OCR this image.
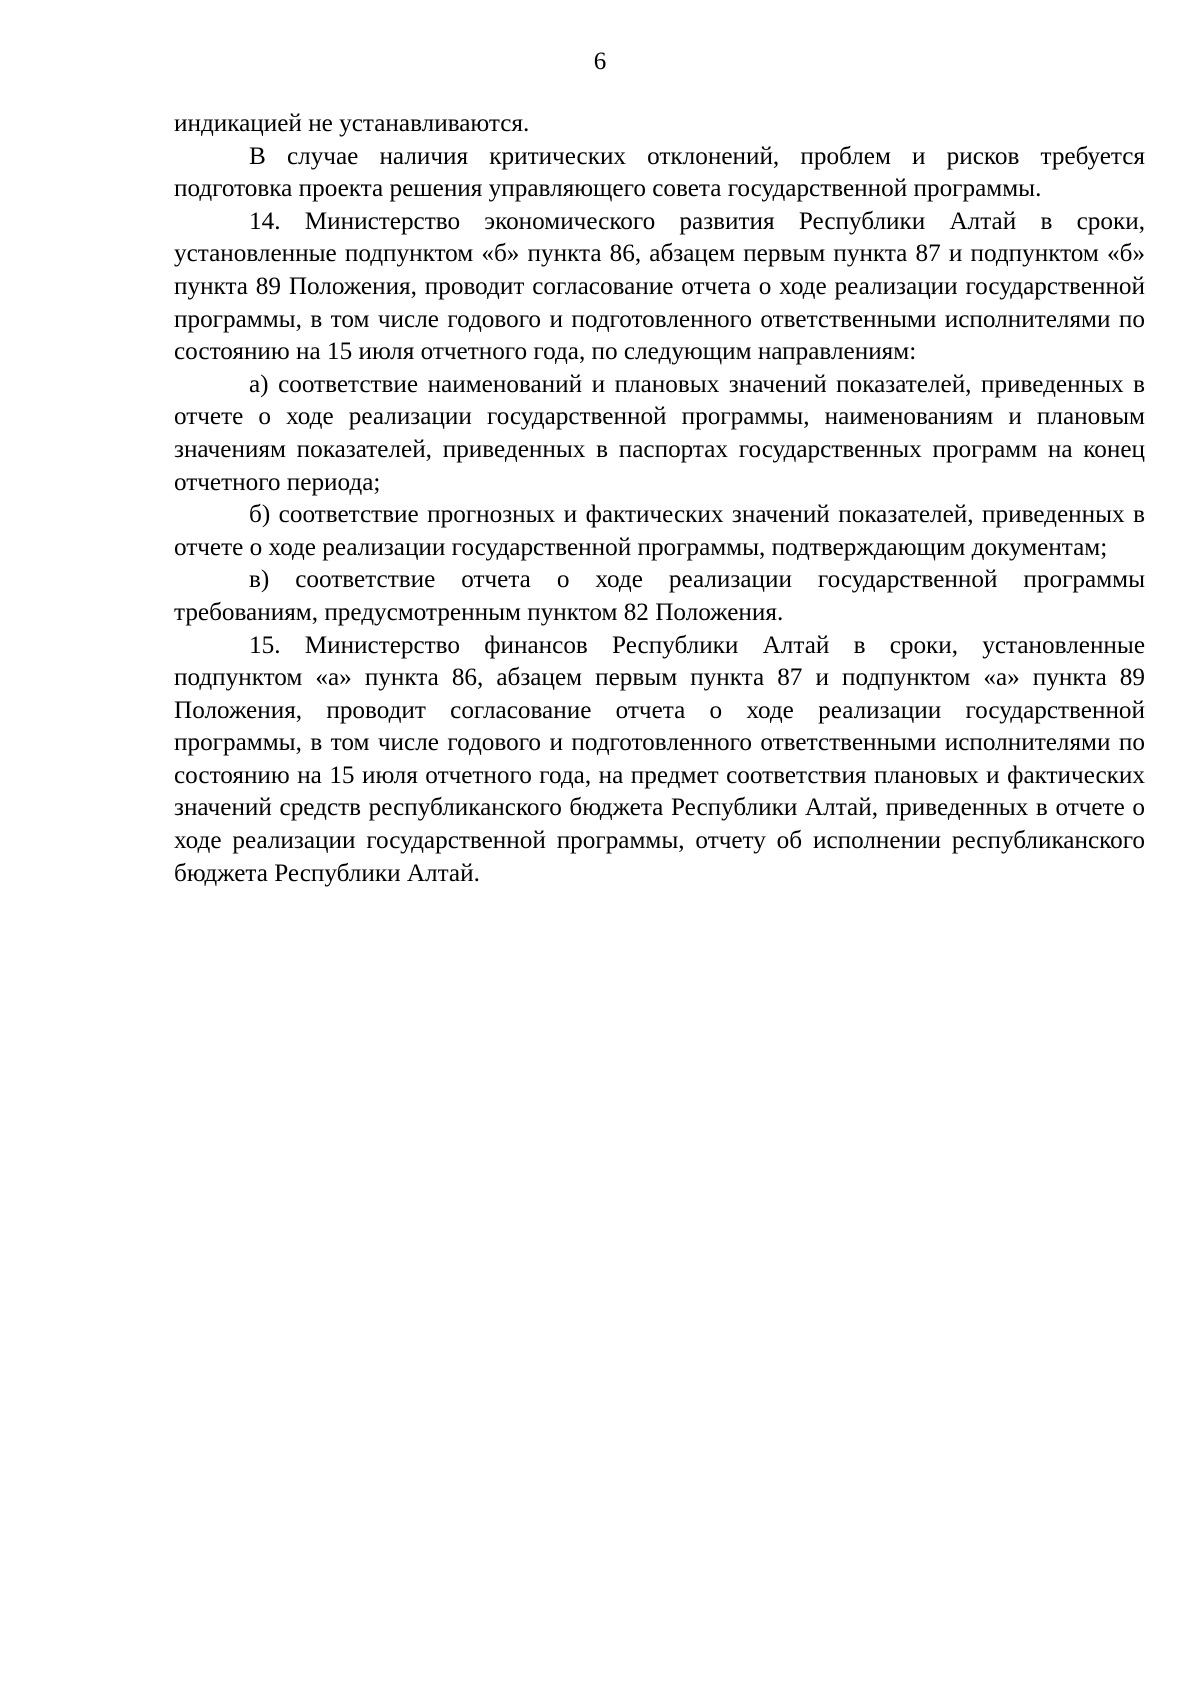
6

индикацией не устанавливаются.

В случае наличия критических отклонений, проблем и рисков требуется подготовка проекта решения управляющего совета государственной программы.

14. Министерство экономического развития Республики Алтай в сроки, установленные подпунктом «б» пункта 86, абзацем первым пункта 87 и подпунктом «б» пункта 89 Положения, проводит согласование отчета о ходе реализации государственной программы, в том числе годового и подготовленного ответственными исполнителями по состоянию на 15 июля отчетного года, по следующим направлениям:

а) соответствие наименований и плановых значений показателей, приведенных в отчете о ходе реализации государственной программы, наименованиям и плановым значениям показателей, приведенных в паспортах государственных программ на конец отчетного периода;

б) соответствие прогнозных и фактических значений показателей, приведенных в отчете о ходе реализации государственной программы, подтверждающим документам;

в) соответствие отчета о ходе реализации государственной программы требованиям, предусмотренным пунктом 82 Положения.

15. Министерство финансов Республики Алтай в сроки, установленные подпунктом «а» пункта 86, абзацем первым пункта 87 и подпунктом «а» пункта 89 Положения, проводит согласование отчета о ходе реализации государственной программы, в том числе годового и подготовленного ответственными исполнителями по состоянию на 15 июля отчетного года, на предмет соответствия плановых и фактических значений средств республиканского бюджета Республики Алтай, приведенных в отчете о ходе реализации государственной программы, отчету об исполнении республиканского бюджета Республики Алтай.
